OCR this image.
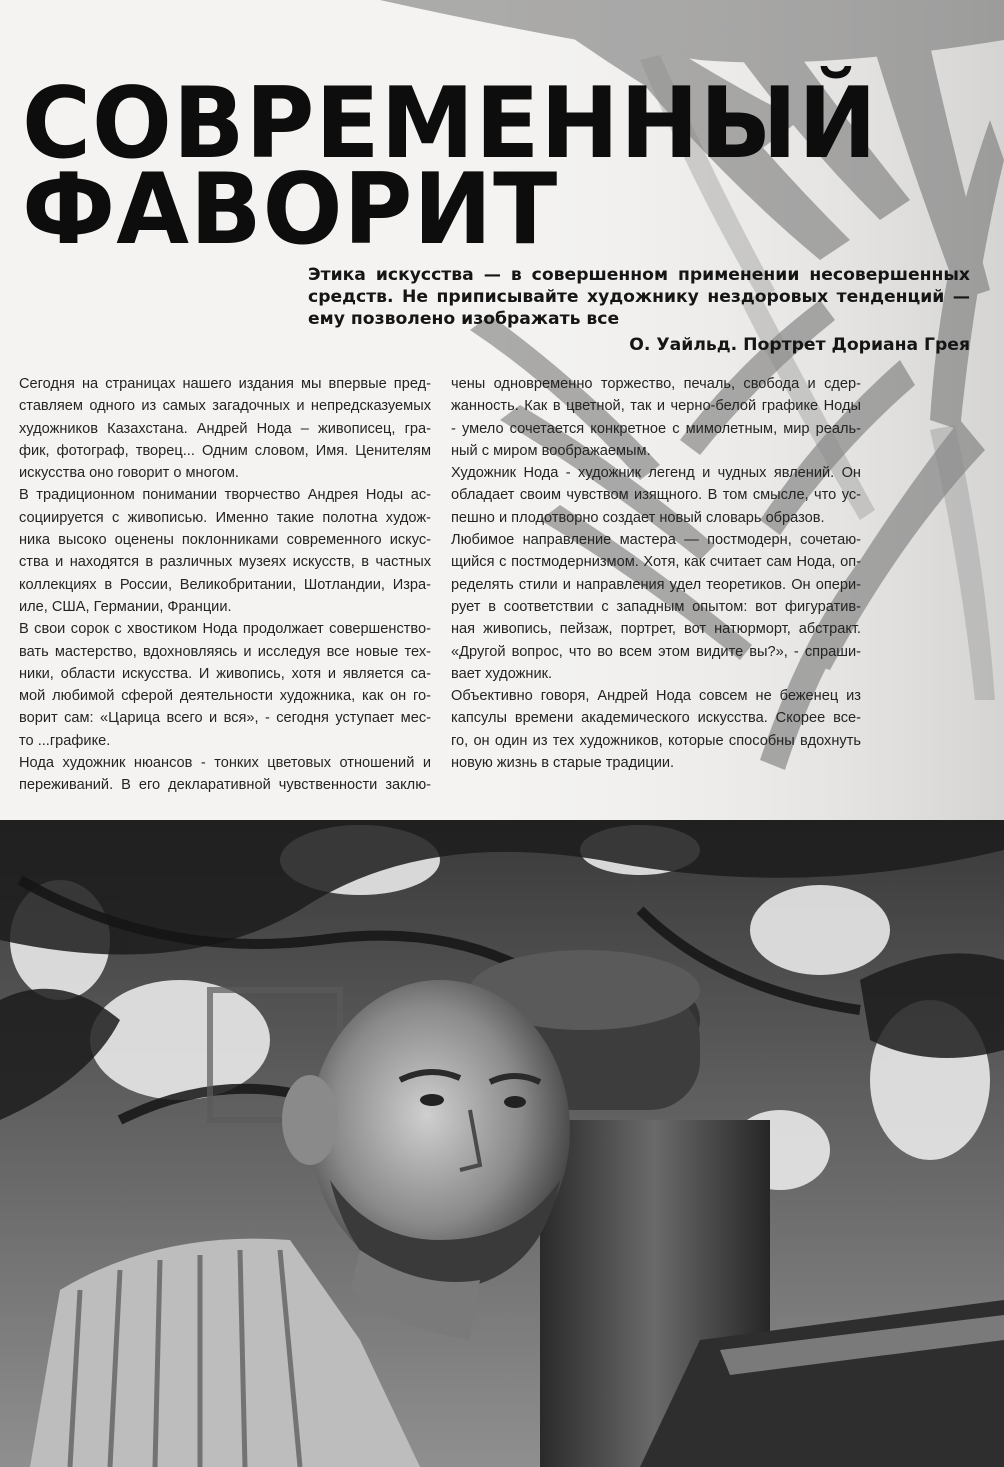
СОВРЕМЕННЫЙ
ФАВОРИТ
Этика искусства — в совершенном применении несовершенных средств. Не приписывайте художнику нездоровых тенденций — ему позволено изображать все
О. Уайльд. Портрет Дориана Грея
Сегодня на страницах нашего издания мы впервые пред-
ставляем одного из самых загадочных и непредсказуемых
художников Казахстана. Андрей Нода – живописец, гра-
фик, фотограф, творец... Одним словом, Имя. Ценителям
искусства оно говорит о многом.
В традиционном понимании творчество Андрея Ноды ас-
социируется с живописью. Именно такие полотна худож-
ника высоко оценены поклонниками современного искус-
ства и находятся в различных музеях искусств, в частных
коллекциях в России, Великобритании, Шотландии, Изра-
иле, США, Германии, Франции.
В свои сорок с хвостиком Нода продолжает совершенство-
вать мастерство, вдохновляясь и исследуя все новые тех-
ники, области искусства. И живопись, хотя и является са-
мой любимой сферой деятельности художника, как он го-
ворит сам: «Царица всего и вся», - сегодня уступает мес-
то ...графике.
Нода художник нюансов - тонких цветовых отношений и
переживаний. В его декларативной чувственности заклю-
чены одновременно торжество, печаль, свобода и сдер-
жанность. Как в цветной, так и черно-белой графике Ноды
- умело сочетается конкретное с мимолетным, мир реаль-
ный с миром воображаемым.
Художник Нода - художник легенд и чудных явлений. Он
обладает своим чувством изящного. В том смысле, что ус-
пешно и плодотворно создает новый словарь образов.
Любимое направление мастера — постмодерн, сочетаю-
щийся с постмодернизмом. Хотя, как считает сам Нода, оп-
ределять стили и направления удел теоретиков. Он опери-
рует в соответствии с западным опытом: вот фигуратив-
ная живопись, пейзаж, портрет, вот натюрморт, абстракт.
«Другой вопрос, что во всем этом видите вы?», - спраши-
вает художник.
Объективно говоря, Андрей Нода совсем не беженец из
капсулы времени академического искусства. Скорее все-
го, он один из тех художников, которые способны вдохнуть
новую жизнь в старые традиции.
